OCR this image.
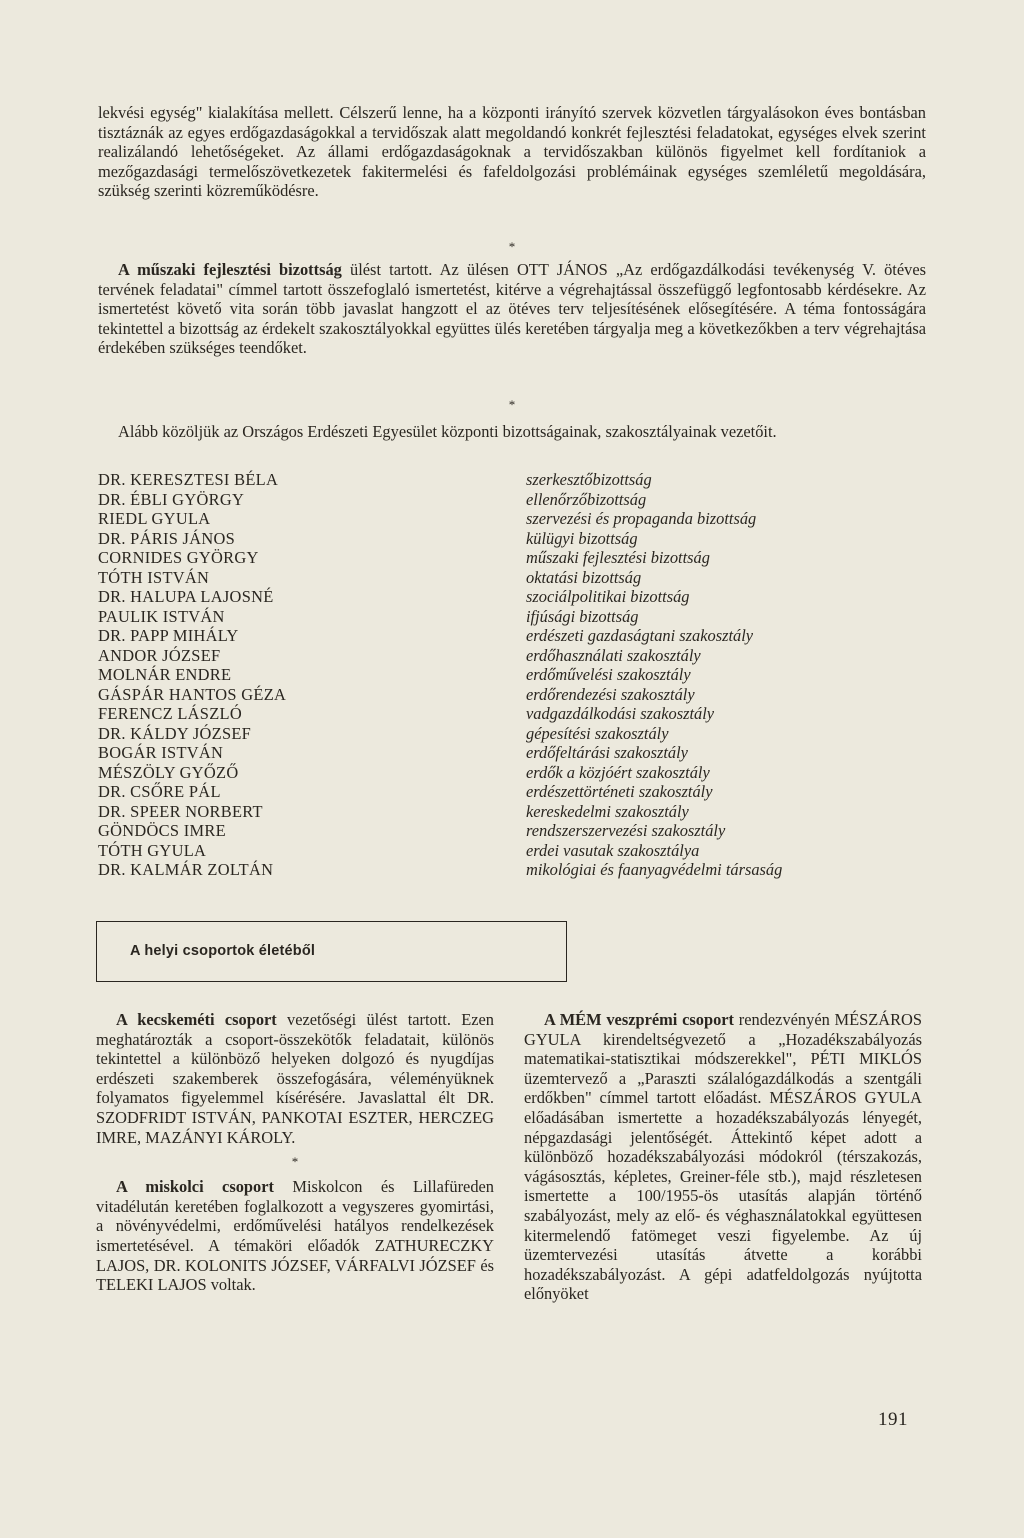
lekvési egység" kialakítása mellett. Célszerű lenne, ha a központi irányító szervek közvetlen tárgyalásokon éves bontásban tisztáznák az egyes erdőgazdaságokkal a tervidőszak alatt megoldandó konkrét fejlesztési feladatokat, egységes elvek szerint realizálandó lehetőségeket. Az állami erdőgazdaságoknak a tervidőszakban különös figyelmet kell fordítaniok a mezőgazdasági termelőszövetkezetek fakitermelési és fafeldolgozási problémáinak egységes szemléletű megoldására, szükség szerinti közreműködésre.

*

A műszaki fejlesztési bizottság ülést tartott. Az ülésen OTT JÁNOS „Az erdőgazdálkodási tevékenység V. ötéves tervének feladatai" címmel tartott összefoglaló ismertetést, kitérve a végrehajtással összefüggő legfontosabb kérdésekre. Az ismertetést követő vita során több javaslat hangzott el az ötéves terv teljesítésének elősegítésére. A téma fontosságára tekintettel a bizottság az érdekelt szakosztályokkal együttes ülés keretében tárgyalja meg a következőkben a terv végrehajtása érdekében szükséges teendőket.

*

Alább közöljük az Országos Erdészeti Egyesület központi bizottságainak, szakosztályainak vezetőit.

DR. KERESZTESI BÉLA	szerkesztőbizottság
DR. ÉBLI GYÖRGY	ellenőrzőbizottság
RIEDL GYULA	szervezési és propaganda bizottság
DR. PÁRIS JÁNOS	külügyi bizottság
CORNIDES GYÖRGY	műszaki fejlesztési bizottság
TÓTH ISTVÁN	oktatási bizottság
DR. HALUPA LAJOSNÉ	szociálpolitikai bizottság
PAULIK ISTVÁN	ifjúsági bizottság
DR. PAPP MIHÁLY	erdészeti gazdaságtani szakosztály
ANDOR JÓZSEF	erdőhasználati szakosztály
MOLNÁR ENDRE	erdőművelési szakosztály
GÁSPÁR HANTOS GÉZA	erdőrendezési szakosztály
FERENCZ LÁSZLÓ	vadgazdálkodási szakosztály
DR. KÁLDY JÓZSEF	gépesítési szakosztály
BOGÁR ISTVÁN	erdőfeltárási szakosztály
MÉSZÖLY GYŐZŐ	erdők a közjóért szakosztály
DR. CSŐRE PÁL	erdészettörténeti szakosztály
DR. SPEER NORBERT	kereskedelmi szakosztály
GÖNDÖCS IMRE	rendszerszervezési szakosztály
TÓTH GYULA	erdei vasutak szakosztálya
DR. KALMÁR ZOLTÁN	mikológiai és faanyagvédelmi társaság
A helyi csoportok életéből

A kecskeméti csoport vezetőségi ülést tartott. Ezen meghatározták a csoport-összekötők feladatait, különös tekintettel a különböző helyeken dolgozó és nyugdíjas erdészeti szakemberek összefogására, véleményüknek folyamatos figyelemmel kísérésére. Javaslattal élt DR. SZODFRIDT ISTVÁN, PANKOTAI ESZTER, HERCZEG IMRE, MAZÁNYI KÁROLY.

*

A miskolci csoport Miskolcon és Lillafüreden vitadélután keretében foglalkozott a vegyszeres gyomirtási, a növényvédelmi, erdőművelési hatályos rendelkezések ismertetésével. A témaköri előadók ZATHURECZKY LAJOS, DR. KOLONITS JÓZSEF, VÁRFALVI JÓZSEF és TELEKI LAJOS voltak.

A MÉM veszprémi csoport rendezvényén MÉSZÁROS GYULA kirendeltségvezető a „Hozadékszabályozás matematikai-statisztikai módszerekkel", PÉTI MIKLÓS üzemtervező a „Paraszti szálalógazdálkodás a szentgáli erdőkben" címmel tartott előadást. MÉSZÁROS GYULA előadásában ismertette a hozadékszabályozás lényegét, népgazdasági jelentőségét. Áttekintő képet adott a különböző hozadékszabályozási módokról (térszakozás, vágásosztás, képletes, Greiner-féle stb.), majd részletesen ismertette a 100/1955-ös utasítás alapján történő szabályozást, mely az elő- és véghasználatokkal együttesen kitermelendő fatömeget veszi figyelembe. Az új üzemtervezési utasítás átvette a korábbi hozadékszabályozást. A gépi adatfeldolgozás nyújtotta előnyöket

191
